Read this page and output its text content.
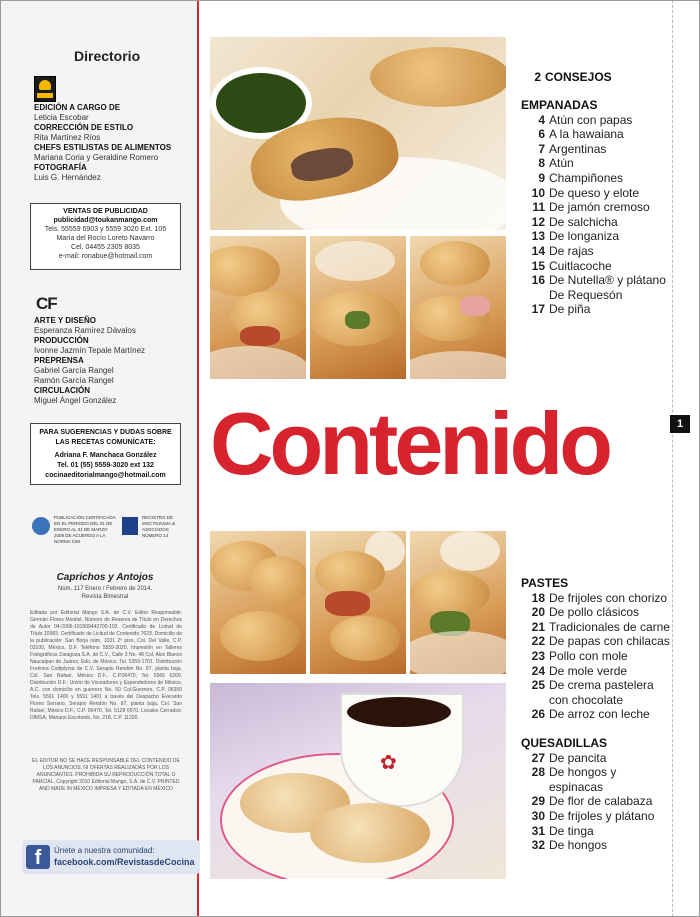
Directorio
EDICIÓN A CARGO DE
Leticia Escobar
CORRECCIÓN DE ESTILO
Rita Martínez Ríos
CHEFS ESTILISTAS DE ALIMENTOS
Mariana Coria y Geraldine Romero
FOTOGRAFÍA
Luis G. Hernández
VENTAS DE PUBLICIDAD
publicidad@toukanmango.com
Tels. 55559 6903 y 5559 3020 Ext. 105
María del Rocío Loreto Navarro
Cel. 04455 2305 8035
e-mail: ronabue@hotmail.com
CF
ARTE Y DISEÑO
Esperanza Ramírez Dávalos
PRODUCCIÓN
Ivonne Jazmín Tepale Martínez
PREPRENSA
Gabriel García Rangel
Ramón García Rangel
CIRCULACIÓN
Miguel Ángel González
PARA SUGERENCIAS Y DUDAS SOBRE
LAS RECETAS COMUNÍCATE:
Adriana F. Manchaca González
Tel. 01 (55) 5559-3020 ext 132
cocinaeditorialmango@hotmail.com
PUBLICACIÓN CERTIFICADA EN EL PERIODO DEL 01 DE ENERO AL 31 DE MARZO 2009 DE ACUERDO A LA NORMA CIM
REGISTRO DE MOCTEZUMA & ASOCIADOS NÚMERO 14
Caprichos y Antojos
Núm. 117 Enero / Febrero de 2014.
Revista Bimestral
Editada por Editorial Mango S.A. de C.V. Editor Responsable: Germán Flores Montiel. Número de Reserva de Título en Derechos de Autor 04-2006-101909442700-102. Certificado de Licitud de Título 10983. Certificado de Licitud de Contenido 7629. Domicilio de la publicación: San Borja núm. 1031 2º piso, Col. Del Valle, C.P. 03100, México, D.F. Teléfono 5559-3020. Impresión en Talleres Fotográficos Zaragoza S.A. de C.V., Calle 3 No. 48 Col. Alce Blanco Naucalpan de Juárez, Edo. de México. Tel. 5359-1701. Distribución Forénea Codiplyrsa de C.V. Serapio Rendón No. 87, planta baja, Col. San Rafael, México D.F., C.P.06470, Tel. 5566 6200. Distribución D.F.: Unión de Voceadores y Expendedores de México, A.C. con domicilio en guerrero No. 50 Col.Guerrero, C.P. 06350 Tels. 5591 1400 y 5591 1401 a través del Despacho Everardo Flores Serrano, Serapio Rendón No. 87, planta baja, Col. San Rafael, México D.F., C.P. 06470, Tel. 5128 6670. Locales Cerrados: DIMSA, Mariano Escobedo, No. 218, C.P. 11320.
EL EDITOR NO SE HACE RESPONSABLE DEL CONTENIDO DE LOS ANUNCIOS, NI OFERTAS REALIZADAS POR LOS ANUNCIANTES. PROHIBIDA SU REPRODUCCIÓN TOTAL O PARCIAL. Copyright 2010 Editorial Mango, S.A. de C.V. PRINTED AND MADE IN MEXICO IMPRESA Y EDITADA EN MÉXICO
f	Únete a nuestra comunidad:
facebook.com/RevistasdeCocina
✿
Contenido	1
2 CONSEJOS
EMPANADAS
4 Atún con papas
6 A la hawaiana
7 Argentinas
8 Atún
9 Champiñones
10 De queso y elote
11 De jamón cremoso
12 De salchicha
13 De longaniza
14 De rajas
15 Cuitlacoche
16 De Nutella® y plátano
De Requesón
17 De piña
PASTES
18 De frijoles con chorizo
20 De pollo clásicos
21 Tradicionales de carne
22 De papas con chilacas
23 Pollo con mole
24 De mole verde
25 De crema pastelera
con chocolate
26 De arroz con leche
QUESADILLAS
27 De pancita
28 De hongos y espinacas
29 De flor de calabaza
30 De frijoles y plátano
31 De tinga
32 De hongos
